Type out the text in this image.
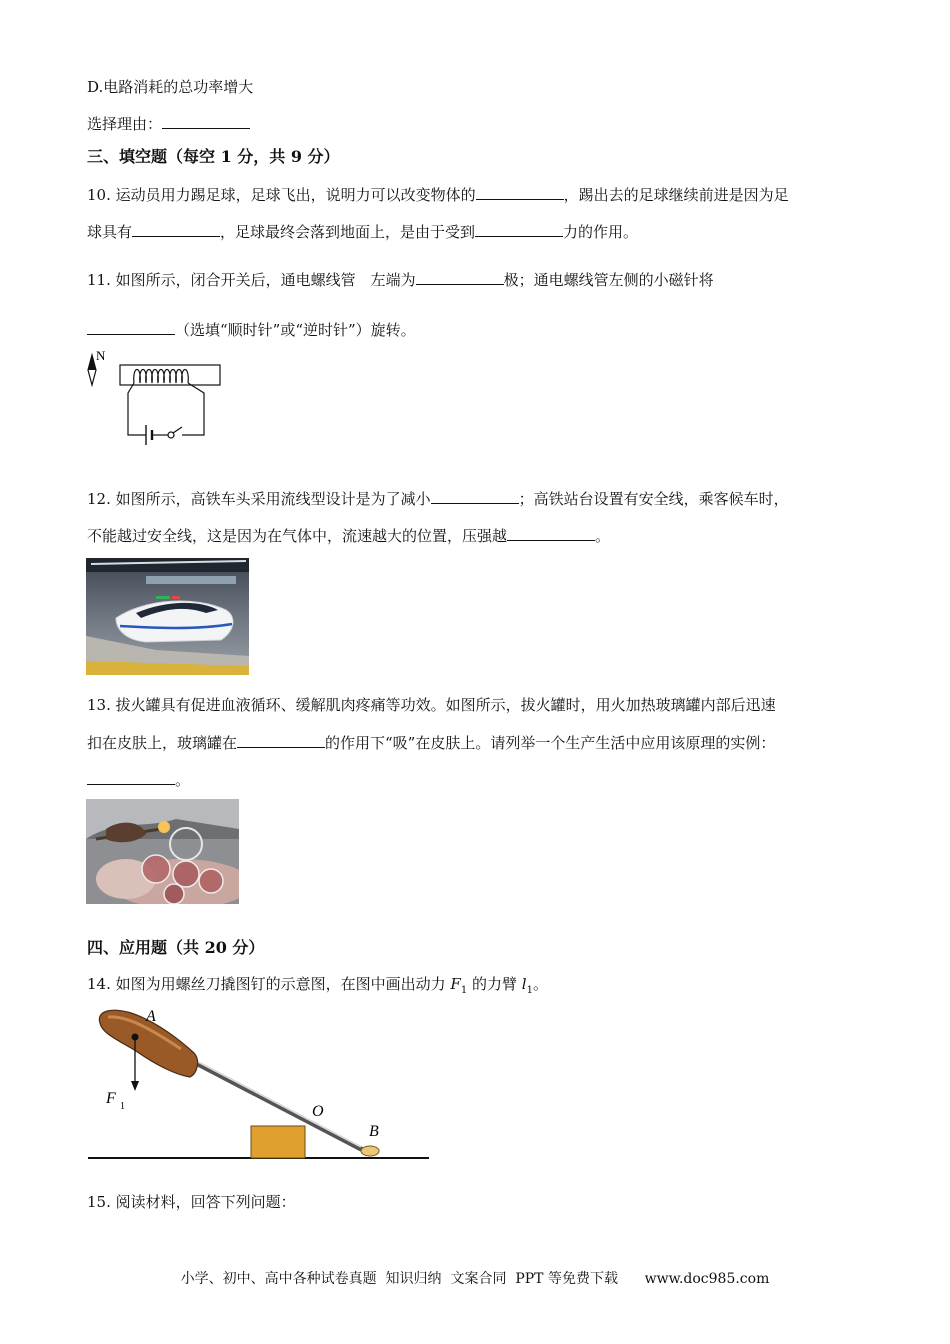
D.电路消耗的总功率增大
选择理由：
三、填空题（每空 1 分，共 9 分）
10. 运动员用力踢足球，足球飞出，说明力可以改变物体的	，踢出去的足球继续前进是因为足
球具有	，足球最终会落到地面上，是由于受到	力的作用。
11. 如图所示，闭合开关后，通电螺线管　左端为	极；通电螺线管左侧的小磁针将
（选填“顺时针”或“逆时针”）旋转。
N
12. 如图所示，高铁车头采用流线型设计是为了减小	；高铁站台设置有安全线，乘客候车时，
不能越过安全线，这是因为在气体中，流速越大的位置，压强越	。
13. 拔火罐具有促进血液循环、缓解肌肉疼痛等功效。如图所示，拔火罐时，用火加热玻璃罐内部后迅速
扣在皮肤上，玻璃罐在	的作用下“吸”在皮肤上。请列举一个生产生活中应用该原理的实例：
。
四、应用题（共 20 分）
14. 如图为用螺丝刀撬图钉的示意图，在图中画出动力 $F_1$ 的力臂 $l_1$。
A
F 1	O
B
15. 阅读材料，回答下列问题：
小学、初中、高中各种试卷真题  知识归纳  文案合同  PPT 等免费下载      www.doc985.com
